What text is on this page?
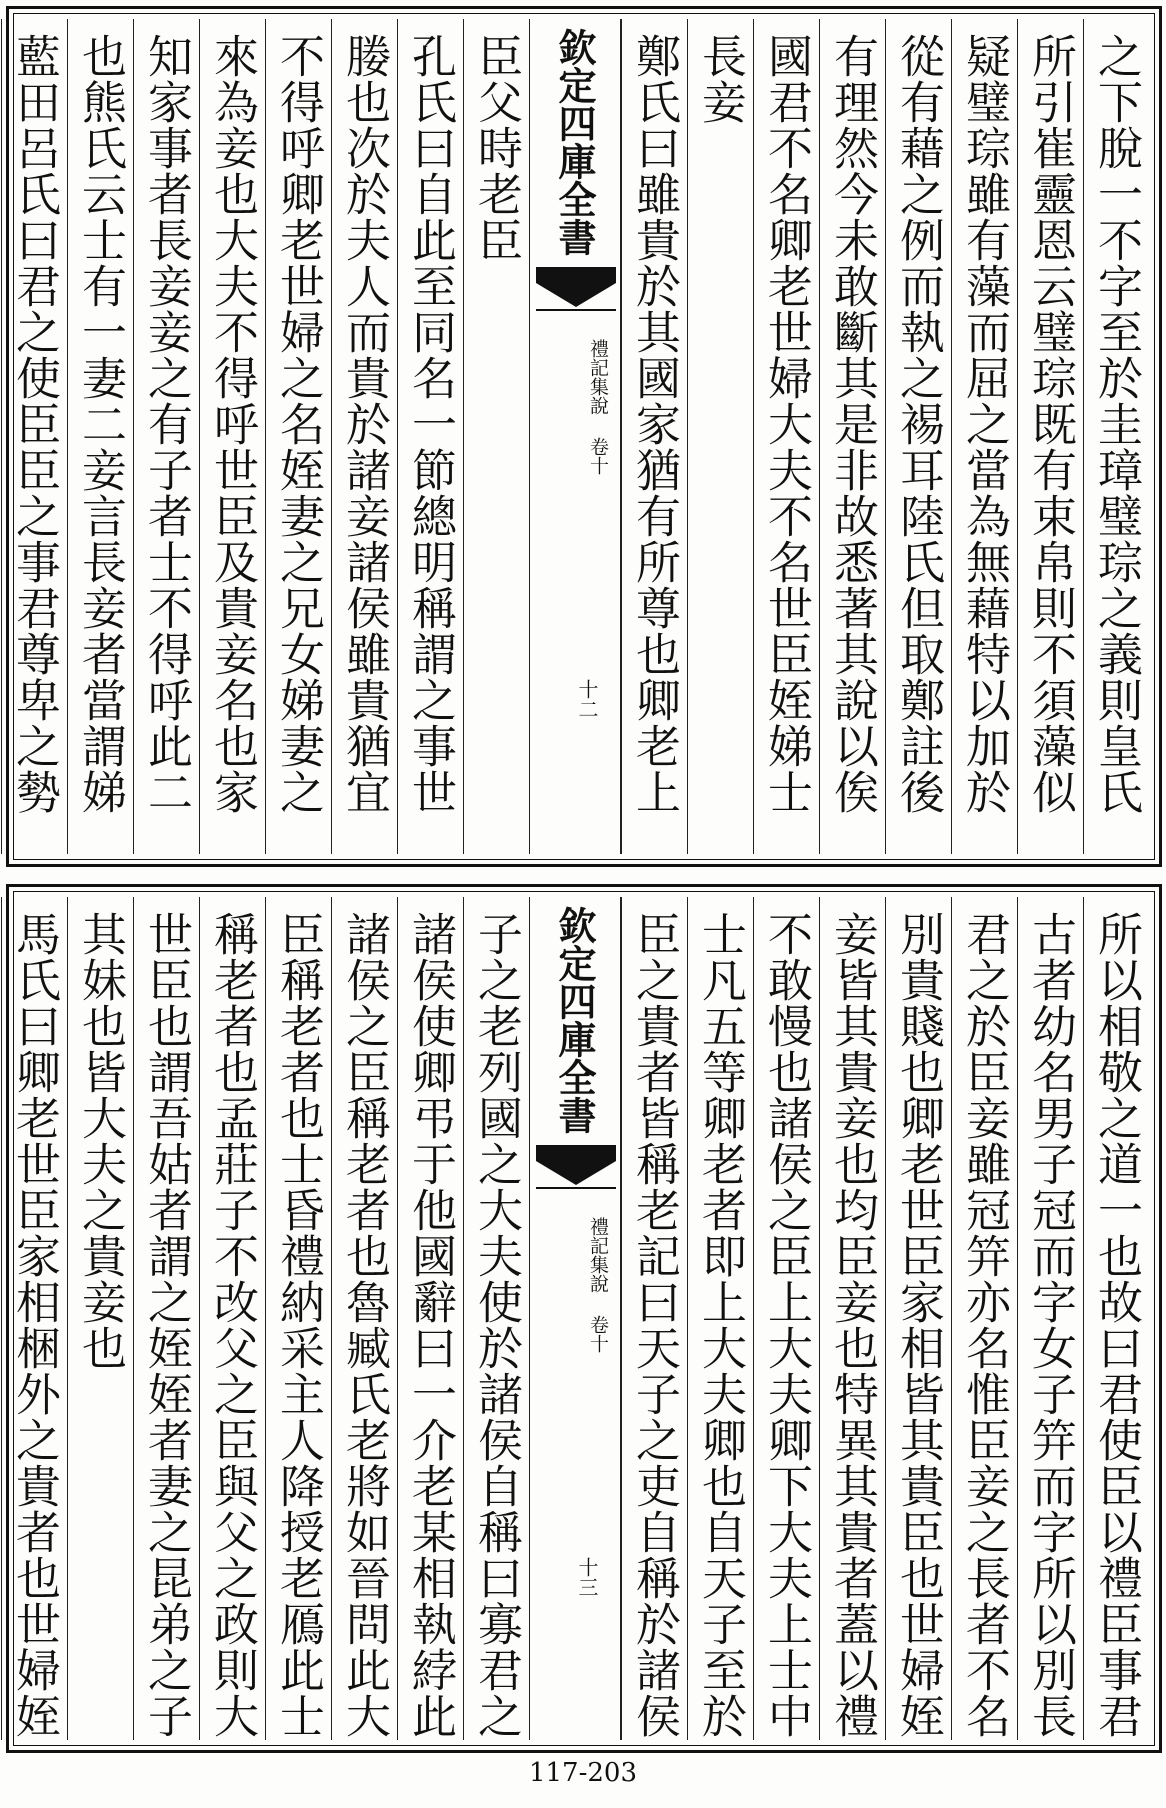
之下脫一不字至於圭璋璧琮之義則皇氏
所引崔靈恩云璧琮既有束帛則不須藻似
疑璧琮雖有藻而屈之當為無藉特以加於
從有藉之例而執之裼耳陸氏但取鄭註後
有理然今未敢斷其是非故悉著其說以俟
國君不名卿老世婦大夫不名世臣姪娣士
長妾
鄭氏曰雖貴於其國家猶有所尊也卿老上
欽定四庫全書
禮記集說 卷十
十二
臣父時老臣
孔氏曰自此至同名一節總明稱謂之事世
媵也次於夫人而貴於諸妾諸侯雖貴猶宜
不得呼卿老世婦之名姪妻之兄女娣妻之
來為妾也大夫不得呼世臣及貴妾名也家
知家事者長妾妾之有子者士不得呼此二
也熊氏云士有一妻二妾言長妾者當謂娣
藍田呂氏曰君之使臣臣之事君尊卑之勢
所以相敬之道一也故曰君使臣以禮臣事君
古者幼名男子冠而字女子笄而字所以別長
君之於臣妾雖冠笄亦名惟臣妾之長者不名
別貴賤也卿老世臣家相皆其貴臣也世婦姪
妾皆其貴妾也均臣妾也特異其貴者蓋以禮
不敢慢也諸侯之臣上大夫卿下大夫上士中
士凡五等卿老者即上大夫卿也自天子至於
臣之貴者皆稱老記曰天子之吏自稱於諸侯
欽定四庫全書
禮記集說 卷十
十三
子之老列國之大夫使於諸侯自稱曰寡君之
諸侯使卿弔于他國辭曰一介老某相執綍此
諸侯之臣稱老者也魯臧氏老將如晉問此大
臣稱老者也士昏禮納采主人降授老鴈此士
稱老者也孟莊子不改父之臣與父之政則大
世臣也謂吾姑者謂之姪姪者妻之昆弟之子
其妹也皆大夫之貴妾也
馬氏曰卿老世臣家相梱外之貴者也世婦姪
117-203
